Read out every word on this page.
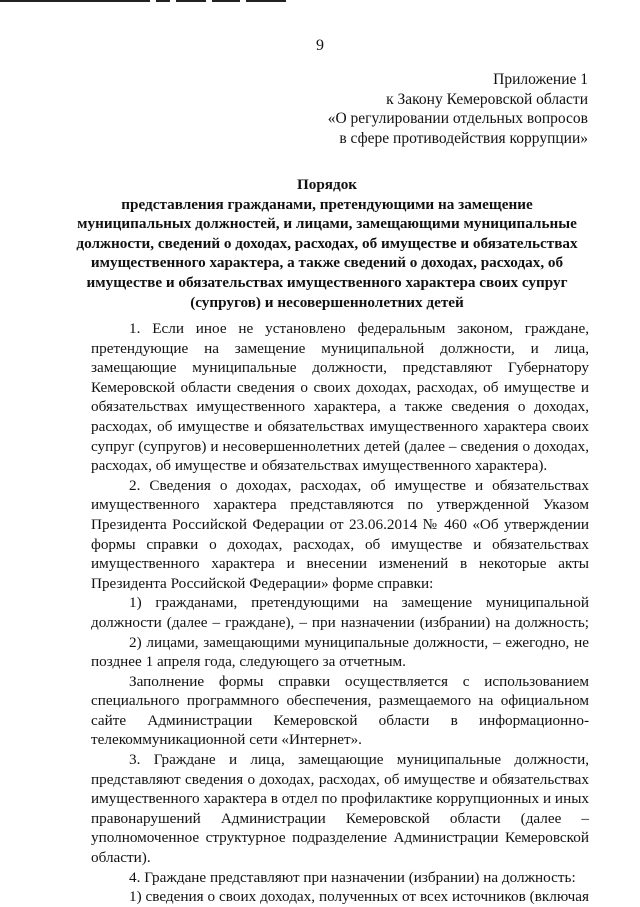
9
Приложение 1
к Закону Кемеровской области
«О регулировании отдельных вопросов
в сфере противодействия коррупции»
Порядок
представления гражданами, претендующими на замещение
муниципальных должностей, и лицами, замещающими муниципальные
должности, сведений о доходах, расходах, об имуществе и обязательствах
имущественного характера, а также сведений о доходах, расходах, об
имуществе и обязательствах имущественного характера своих супруг
(супругов) и несовершеннолетних детей
1. Если иное не установлено федеральным законом, граждане,
претендующие на замещение муниципальной должности, и лица,
замещающие муниципальные должности, представляют Губернатору
Кемеровской области сведения о своих доходах, расходах, об имуществе и
обязательствах имущественного характера, а также сведения о доходах,
расходах, об имуществе и обязательствах имущественного характера своих
супруг (супругов) и несовершеннолетних детей (далее – сведения о доходах,
расходах, об имуществе и обязательствах имущественного характера).
2. Сведения о доходах, расходах, об имуществе и обязательствах
имущественного характера представляются по утвержденной Указом
Президента Российской Федерации от 23.06.2014 № 460 «Об утверждении
формы справки о доходах, расходах, об имуществе и обязательствах
имущественного характера и внесении изменений в некоторые акты
Президента Российской Федерации» форме справки:
1) гражданами, претендующими на замещение муниципальной
должности (далее – граждане), – при назначении (избрании) на должность;
2) лицами, замещающими муниципальные должности, – ежегодно, не
позднее 1 апреля года, следующего за отчетным.
Заполнение формы справки осуществляется с использованием
специального программного обеспечения, размещаемого на официальном
сайте Администрации Кемеровской области в информационно-
телекоммуникационной сети «Интернет».
3. Граждане и лица, замещающие муниципальные должности,
представляют сведения о доходах, расходах, об имуществе и обязательствах
имущественного характера в отдел по профилактике коррупционных и иных
правонарушений Администрации Кемеровской области (далее –
уполномоченное структурное подразделение Администрации Кемеровской
области).
4. Граждане представляют при назначении (избрании) на должность:
1) сведения о своих доходах, полученных от всех источников (включая
